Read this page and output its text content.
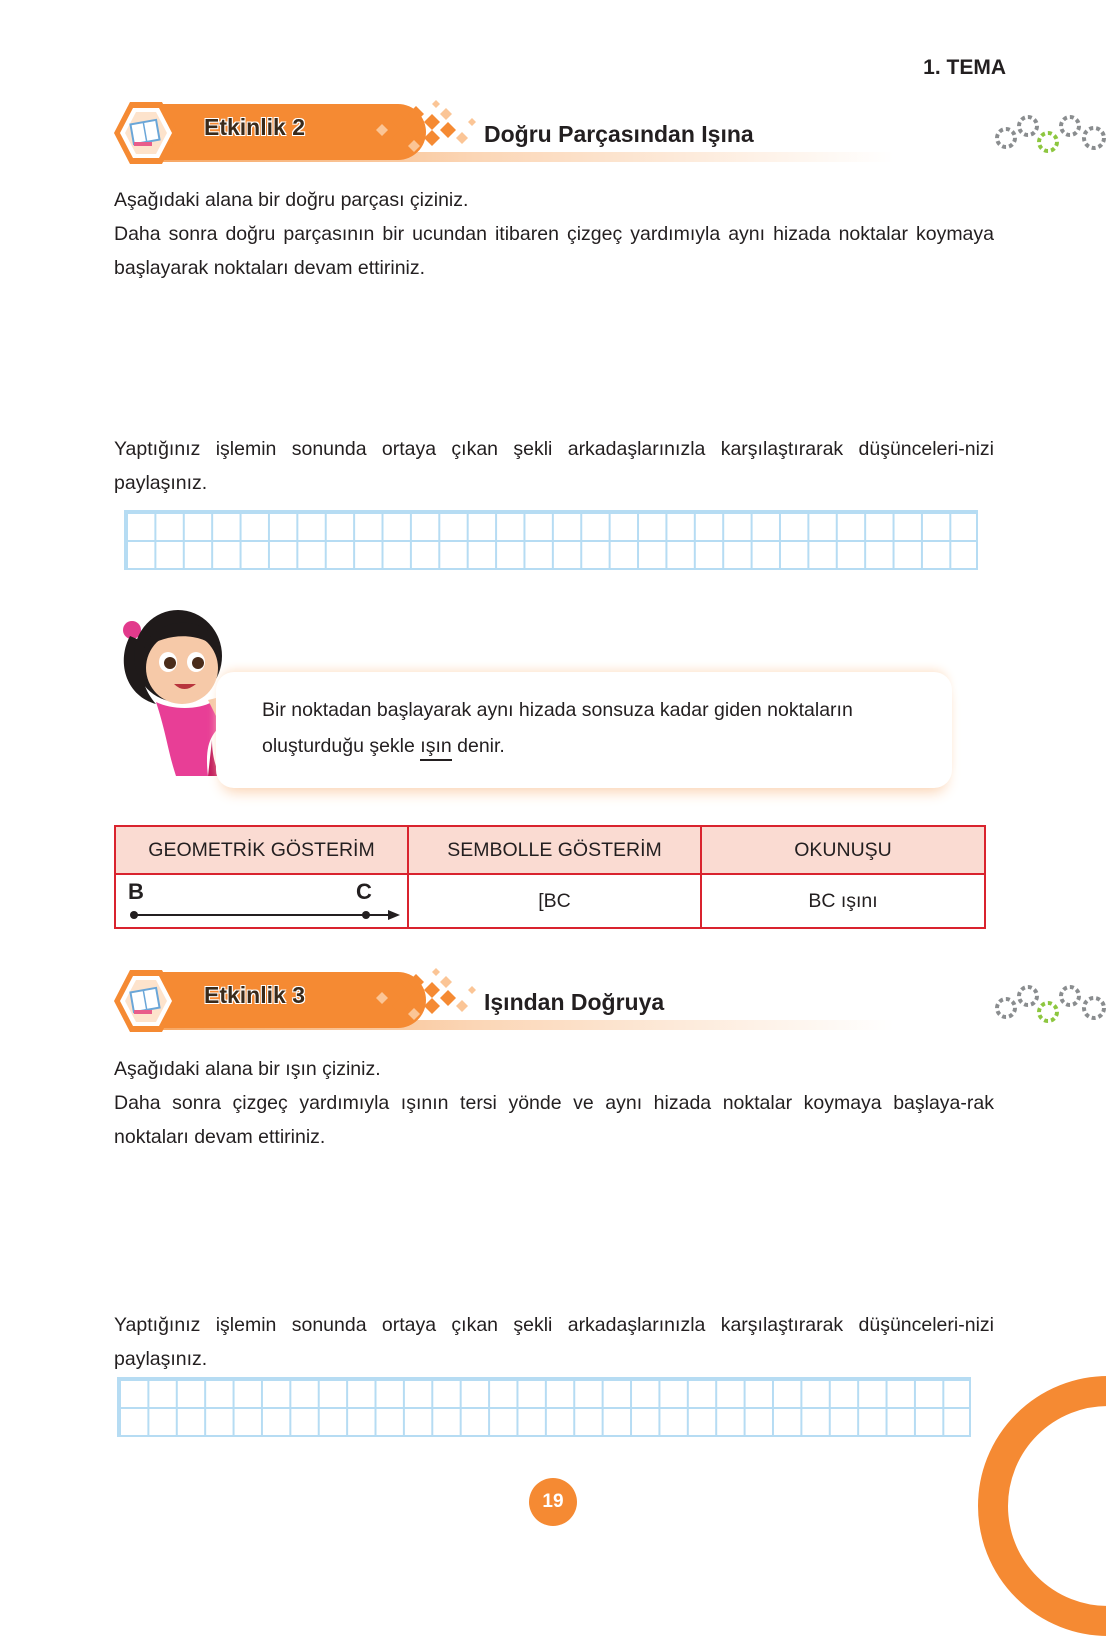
1. TEMA
Etkinlik 2	Doğru Parçasından Işına
Aşağıdaki alana bir doğru parçası çiziniz.
Daha sonra doğru parçasının bir ucundan itibaren çizgeç yardımıyla aynı hizada noktalar koymaya başlayarak noktaları devam ettiriniz.
Yaptığınız işlemin sonunda ortaya çıkan şekli arkadaşlarınızla karşılaştırarak düşünceleri-nizi paylaşınız.
Bir noktadan başlayarak aynı hizada sonsuza kadar giden noktaların oluşturduğu şekle ışın denir.
GEOMETRİK GÖSTERİM	SEMBOLLE GÖSTERİM	OKUNUŞU

B C	[BC	BC ışını
Etkinlik 3	Işından Doğruya
Aşağıdaki alana bir ışın çiziniz.
Daha sonra çizgeç yardımıyla ışının tersi yönde ve aynı hizada noktalar koymaya başlaya-rak noktaları devam ettiriniz.
Yaptığınız işlemin sonunda ortaya çıkan şekli arkadaşlarınızla karşılaştırarak düşünceleri-nizi paylaşınız.
19
